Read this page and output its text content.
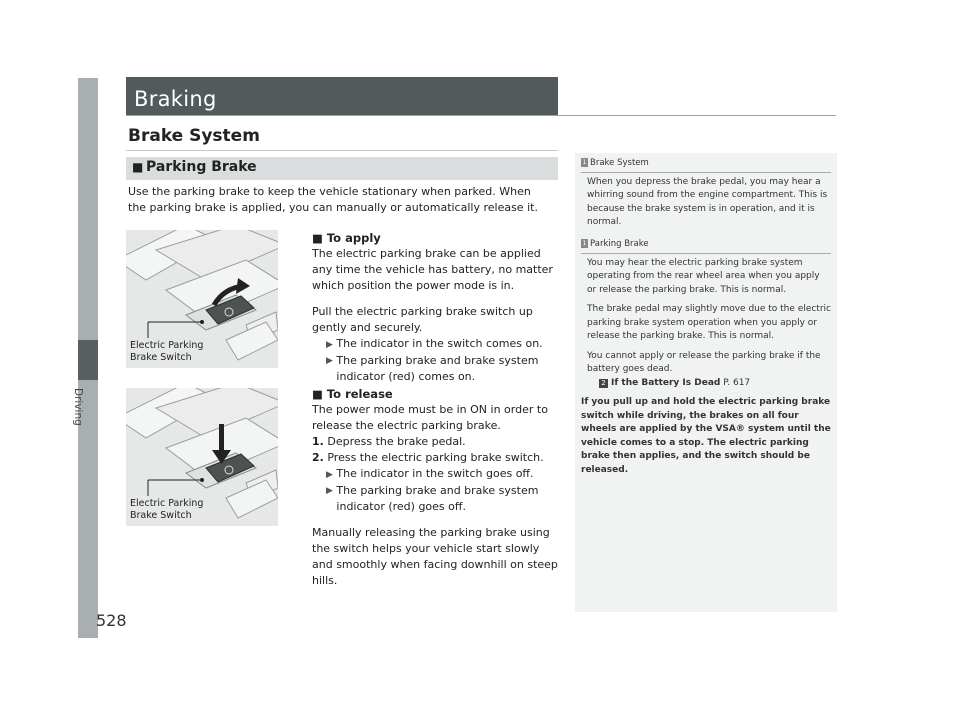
Driving
528
Braking
Brake System
■ Parking Brake
Use the parking brake to keep the vehicle stationary when parked. When the parking brake is applied, you can manually or automatically release it.
Electric Parking
Brake Switch
Electric Parking
Brake Switch

■ To apply

The electric parking brake can be applied any time the vehicle has battery, no matter which position the power mode is in.

Pull the electric parking brake switch up gently and securely.

▶ The indicator in the switch comes on.

▶
The parking brake and brake system indicator (red) comes on.

■ To release

The power mode must be in ON in order to release the electric parking brake.

1. Depress the brake pedal.

2. Press the electric parking brake switch.

▶ The indicator in the switch goes off.

▶
The parking brake and brake system indicator (red) goes off.

Manually releasing the parking brake using the switch helps your vehicle start slowly and smoothly when facing downhill on steep hills.

1 Brake System

When you depress the brake pedal, you may hear a whirring sound from the engine compartment. This is because the brake system is in operation, and it is normal.

1 Parking Brake

You may hear the electric parking brake system operating from the rear wheel area when you apply or release the parking brake. This is normal.

The brake pedal may slightly move due to the electric parking brake system operation when you apply or release the parking brake. This is normal.

You cannot apply or release the parking brake if the battery goes dead.

2 If the Battery Is Dead P. 617

If you pull up and hold the electric parking brake switch while driving, the brakes on all four wheels are applied by the VSA® system until the vehicle comes to a stop. The electric parking brake then applies, and the switch should be released.
